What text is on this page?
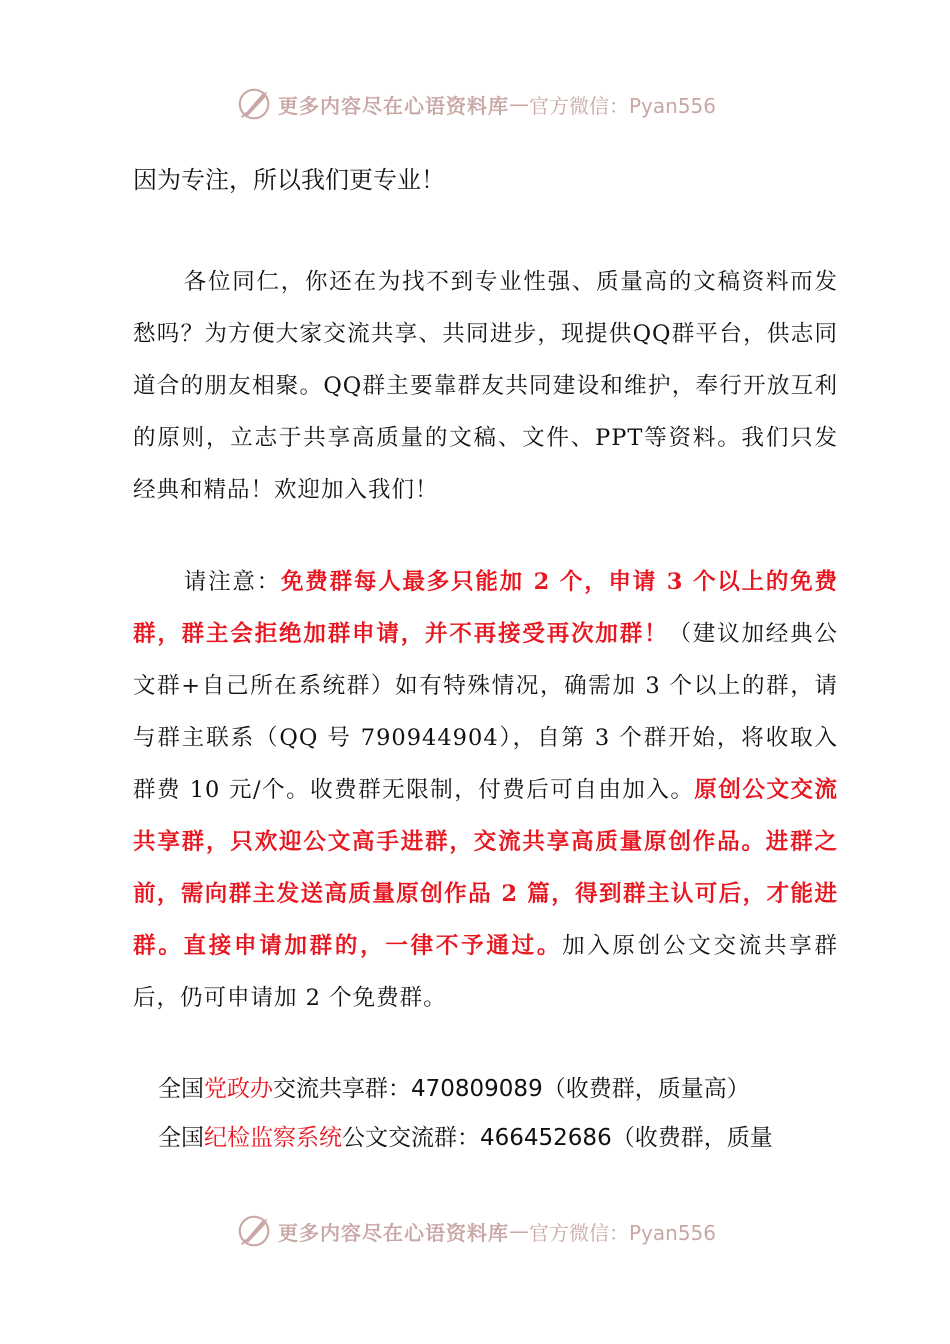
更多内容尽在心语资料库 — 官方微信：Pyan556
因为专注，所以我们更专业！

各位同仁，你还在为找不到专业性强、质量高的文稿资料而发愁吗？为方便大家交流共享、共同进步，现提供QQ群平台，供志同道合的朋友相聚。QQ群主要靠群友共同建设和维护，奉行开放互利的原则，立志于共享高质量的文稿、文件、PPT等资料。我们只发经典和精品！欢迎加入我们！

请注意：免费群每人最多只能加 2 个，申请 3 个以上的免费群，群主会拒绝加群申请，并不再接受再次加群！（建议加经典公文群+自己所在系统群）如有特殊情况，确需加 3 个以上的群，请与群主联系（QQ 号 790944904），自第 3 个群开始，将收取入群费 10 元/个。收费群无限制，付费后可自由加入。原创公文交流共享群，只欢迎公文高手进群，交流共享高质量原创作品。进群之前，需向群主发送高质量原创作品 2 篇，得到群主认可后，才能进群。直接申请加群的，一律不予通过。加入原创公文交流共享群后，仍可申请加 2 个免费群。

全国党政办交流共享群：470809089（收费群，质量高）
全国纪检监察系统公文交流群：466452686（收费群，质量
更多内容尽在心语资料库 — 官方微信：Pyan556
